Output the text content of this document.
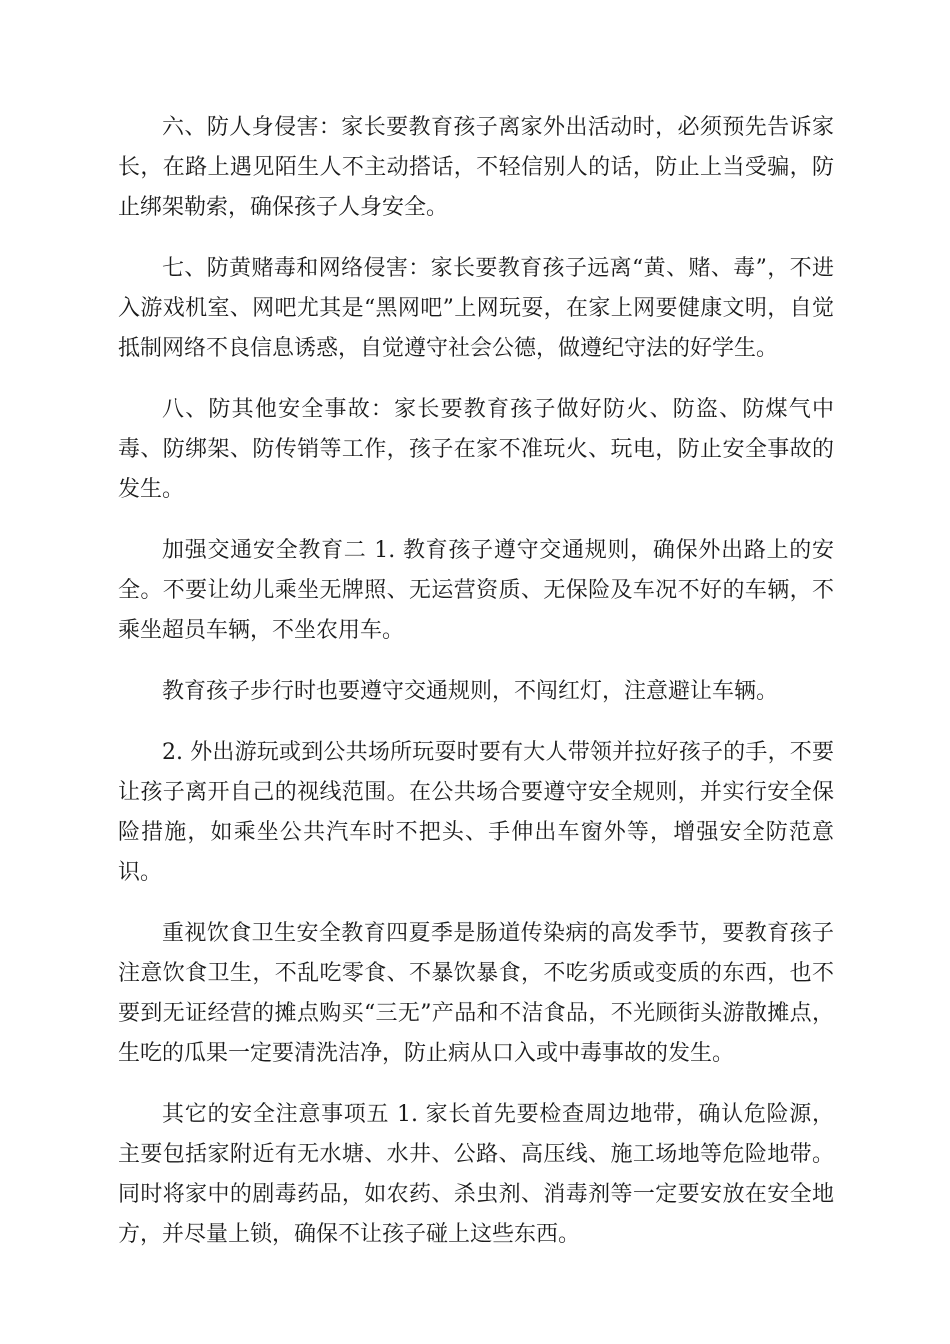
六、防人身侵害：家长要教育孩子离家外出活动时，必须预先告诉家长，在路上遇见陌生人不主动搭话，不轻信别人的话，防止上当受骗，防止绑架勒索，确保孩子人身安全。

七、防黄赌毒和网络侵害：家长要教育孩子远离“黄、赌、毒”，不进入游戏机室、网吧尤其是“黑网吧”上网玩耍，在家上网要健康文明，自觉抵制网络不良信息诱惑，自觉遵守社会公德，做遵纪守法的好学生。

八、防其他安全事故：家长要教育孩子做好防火、防盗、防煤气中毒、防绑架、防传销等工作，孩子在家不准玩火、玩电，防止安全事故的发生。

加强交通安全教育二 1. 教育孩子遵守交通规则，确保外出路上的安全。不要让幼儿乘坐无牌照、无运营资质、无保险及车况不好的车辆，不乘坐超员车辆，不坐农用车。

教育孩子步行时也要遵守交通规则，不闯红灯，注意避让车辆。

2. 外出游玩或到公共场所玩耍时要有大人带领并拉好孩子的手，不要让孩子离开自己的视线范围。在公共场合要遵守安全规则，并实行安全保险措施，如乘坐公共汽车时不把头、手伸出车窗外等，增强安全防范意识。

重视饮食卫生安全教育四夏季是肠道传染病的高发季节，要教育孩子注意饮食卫生，不乱吃零食、不暴饮暴食，不吃劣质或变质的东西，也不要到无证经营的摊点购买“三无”产品和不洁食品，不光顾街头游散摊点，生吃的瓜果一定要清洗洁净，防止病从口入或中毒事故的发生。

其它的安全注意事项五 1. 家长首先要检查周边地带，确认危险源，主要包括家附近有无水塘、水井、公路、高压线、施工场地等危险地带。同时将家中的剧毒药品，如农药、杀虫剂、消毒剂等一定要安放在安全地方，并尽量上锁，确保不让孩子碰上这些东西。
